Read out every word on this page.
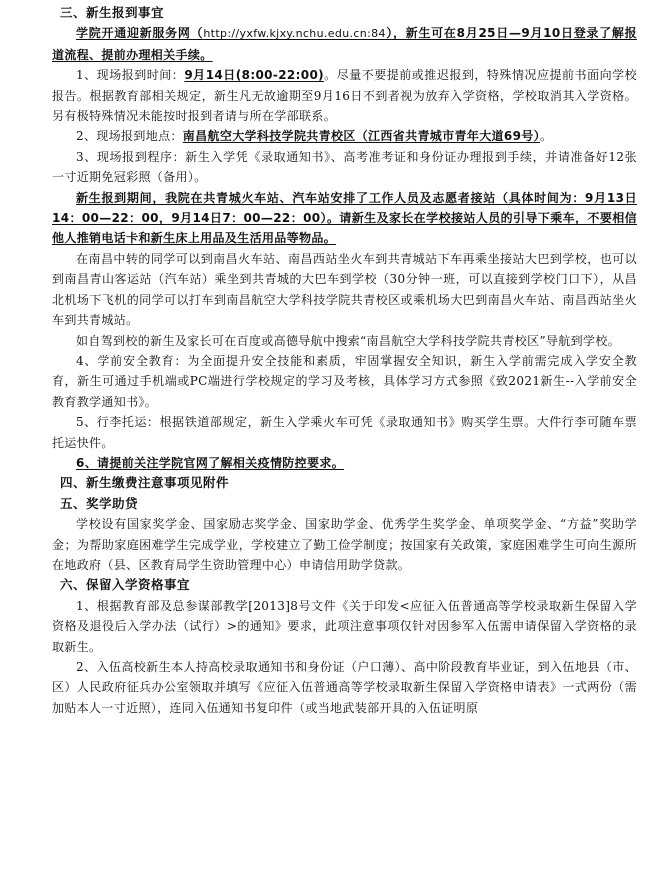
三、新生报到事宜

学院开通迎新服务网（http://yxfw.kjxy.nchu.edu.cn:84），新生可在8月25日—9月10日登录了解报道流程、提前办理相关手续。

1、现场报到时间：9月14日(8:00-22:00)。尽量不要提前或推迟报到，特殊情况应提前书面向学校报告。根据教育部相关规定，新生凡无故逾期至9月16日不到者视为放弃入学资格，学校取消其入学资格。另有极特殊情况未能按时报到者请与所在学部联系。

2、现场报到地点：南昌航空大学科技学院共青校区（江西省共青城市青年大道69号）。

3、现场报到程序：新生入学凭《录取通知书》、高考准考证和身份证办理报到手续，并请准备好12张一寸近期免冠彩照（备用）。

新生报到期间，我院在共青城火车站、汽车站安排了工作人员及志愿者接站（具体时间为：9月13日14：00—22：00，9月14日7：00—22：00）。请新生及家长在学校接站人员的引导下乘车，不要相信他人推销电话卡和新生床上用品及生活用品等物品。

在南昌中转的同学可以到南昌火车站、南昌西站坐火车到共青城站下车再乘坐接站大巴到学校，也可以到南昌青山客运站（汽车站）乘坐到共青城的大巴车到学校（30分钟一班，可以直接到学校门口下），从昌北机场下飞机的同学可以打车到南昌航空大学科技学院共青校区或乘机场大巴到南昌火车站、南昌西站坐火车到共青城站。

如自驾到校的新生及家长可在百度或高德导航中搜索“南昌航空大学科技学院共青校区”导航到学校。

4、学前安全教育：为全面提升安全技能和素质，牢固掌握安全知识，新生入学前需完成入学安全教育，新生可通过手机端或PC端进行学校规定的学习及考核，具体学习方式参照《致2021新生--入学前安全教育教学通知书》。

5、行李托运：根据铁道部规定，新生入学乘火车可凭《录取通知书》购买学生票。大件行李可随车票托运快件。

6、请提前关注学院官网了解相关疫情防控要求。

四、新生缴费注意事项见附件
五、奖学助贷

学校设有国家奖学金、国家励志奖学金、国家助学金、优秀学生奖学金、单项奖学金、“方益”奖助学金；为帮助家庭困难学生完成学业，学校建立了勤工俭学制度；按国家有关政策，家庭困难学生可向生源所在地政府（县、区教育局学生资助管理中心）申请信用助学贷款。

六、保留入学资格事宜

1、根据教育部及总参谋部教学[2013]8号文件《关于印发<应征入伍普通高等学校录取新生保留入学资格及退役后入学办法（试行）>的通知》要求，此项注意事项仅针对因参军入伍需申请保留入学资格的录取新生。

2、入伍高校新生本人持高校录取通知书和身份证（户口薄）、高中阶段教育毕业证，到入伍地县（市、区）人民政府征兵办公室领取并填写《应征入伍普通高等学校录取新生保留入学资格申请表》一式两份（需加贴本人一寸近照），连同入伍通知书复印件（或当地武装部开具的入伍证明原
